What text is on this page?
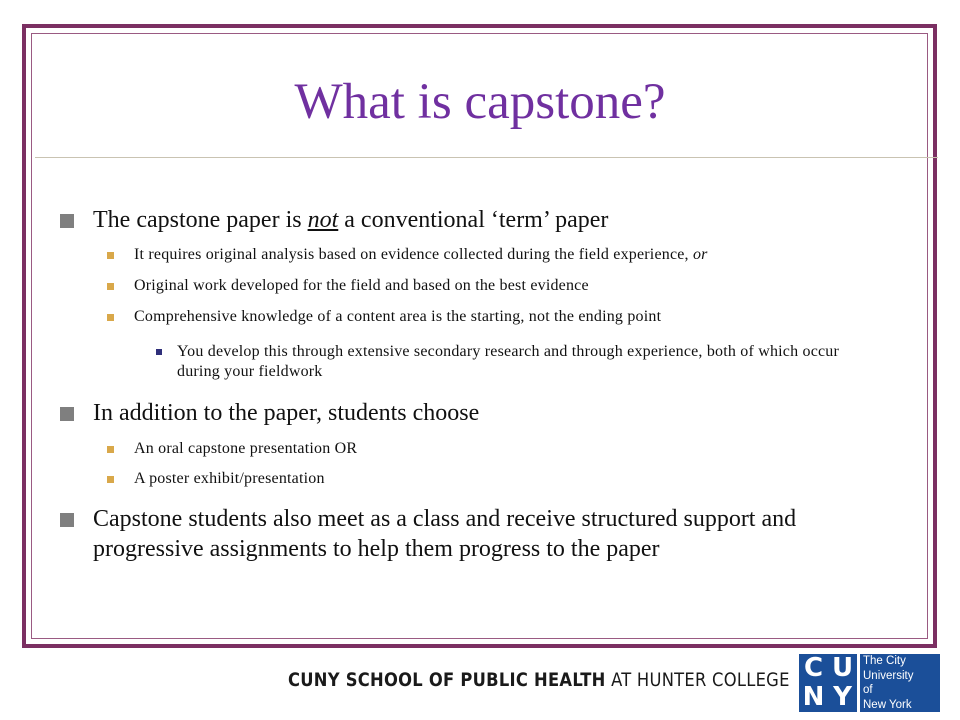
What is capstone?
The capstone paper is not a conventional ‘term’ paper
It requires original analysis based on evidence collected during the field experience, or
Original work developed for the field and based on the best evidence
Comprehensive knowledge of a content area is the starting, not the ending point
You develop this through extensive secondary research and through experience, both of which occur during your fieldwork
In addition to the paper, students choose
An oral capstone presentation OR
A poster exhibit/presentation
Capstone students also meet as a class and receive structured support and progressive assignments to help them progress to the paper
CUNY SCHOOL OF PUBLIC HEALTH AT HUNTER COLLEGE C U
N Y
The City
University
of
New York
